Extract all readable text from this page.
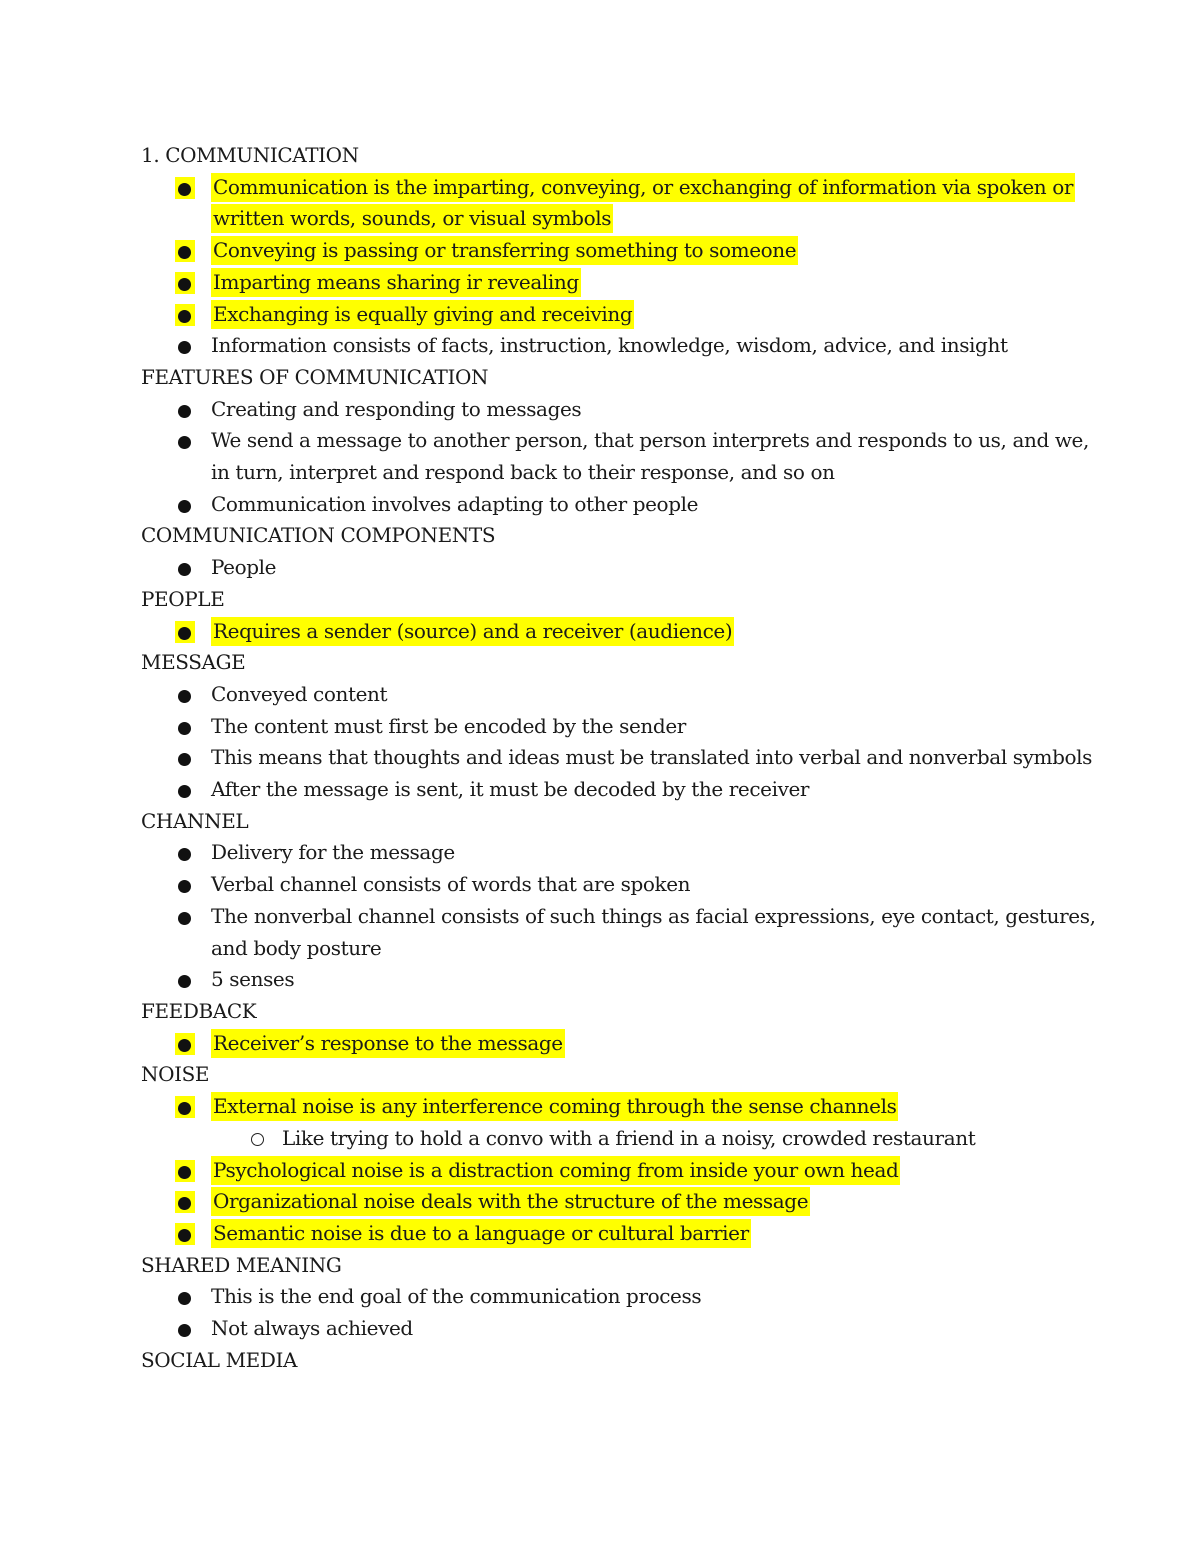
1. COMMUNICATION
Communication is the imparting, conveying, or exchanging of information via spoken or written words, sounds, or visual symbols
Conveying is passing or transferring something to someone
Imparting means sharing ir revealing
Exchanging is equally giving and receiving
Information consists of facts, instruction, knowledge, wisdom, advice, and insight
FEATURES OF COMMUNICATION
Creating and responding to messages
We send a message to another person, that person interprets and responds to us, and we, in turn, interpret and respond back to their response, and so on
Communication involves adapting to other people
COMMUNICATION COMPONENTS
People
PEOPLE
Requires a sender (source) and a receiver (audience)
MESSAGE
Conveyed content
The content must first be encoded by the sender
This means that thoughts and ideas must be translated into verbal and nonverbal symbols
After the message is sent, it must be decoded by the receiver
CHANNEL
Delivery for the message
Verbal channel consists of words that are spoken
The nonverbal channel consists of such things as facial expressions, eye contact, gestures, and body posture
5 senses
FEEDBACK
Receiver’s response to the message
NOISE
External noise is any interference coming through the sense channels
Like trying to hold a convo with a friend in a noisy, crowded restaurant
Psychological noise is a distraction coming from inside your own head
Organizational noise deals with the structure of the message
Semantic noise is due to a language or cultural barrier
SHARED MEANING
This is the end goal of the communication process
Not always achieved
SOCIAL MEDIA
